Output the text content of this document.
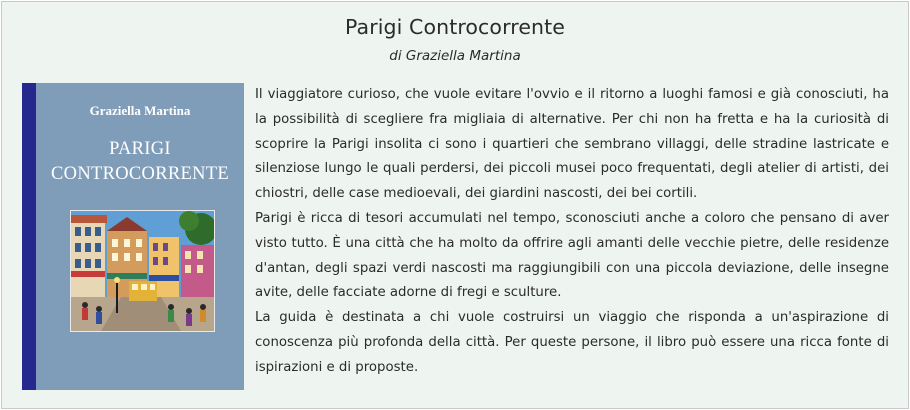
Parigi Controcorrente
di Graziella Martina
Graziella Martina
PARIGI
CONTROCORRENTE

Il viaggiatore curioso, che vuole evitare l'ovvio e il ritorno a luoghi famosi e già conosciuti, ha la possibilità di scegliere fra migliaia di alternative. Per chi non ha fretta e ha la curiosità di scoprire la Parigi insolita ci sono i quartieri che sembrano villaggi, delle stradine lastricate e silenziose lungo le quali perdersi, dei piccoli musei poco frequentati, degli atelier di artisti, dei chiostri, delle case medioevali, dei giardini nascosti, dei bei cortili.

Parigi è ricca di tesori accumulati nel tempo, sconosciuti anche a coloro che pensano di aver visto tutto. È una città che ha molto da offrire agli amanti delle vecchie pietre, delle residenze d'antan, degli spazi verdi nascosti ma raggiungibili con una piccola deviazione, delle insegne avite, delle facciate adorne di fregi e sculture.

La guida è destinata a chi vuole costruirsi un viaggio che risponda a un'aspirazione di conoscenza più profonda della città. Per queste persone, il libro può essere una ricca fonte di ispirazioni e di proposte.
